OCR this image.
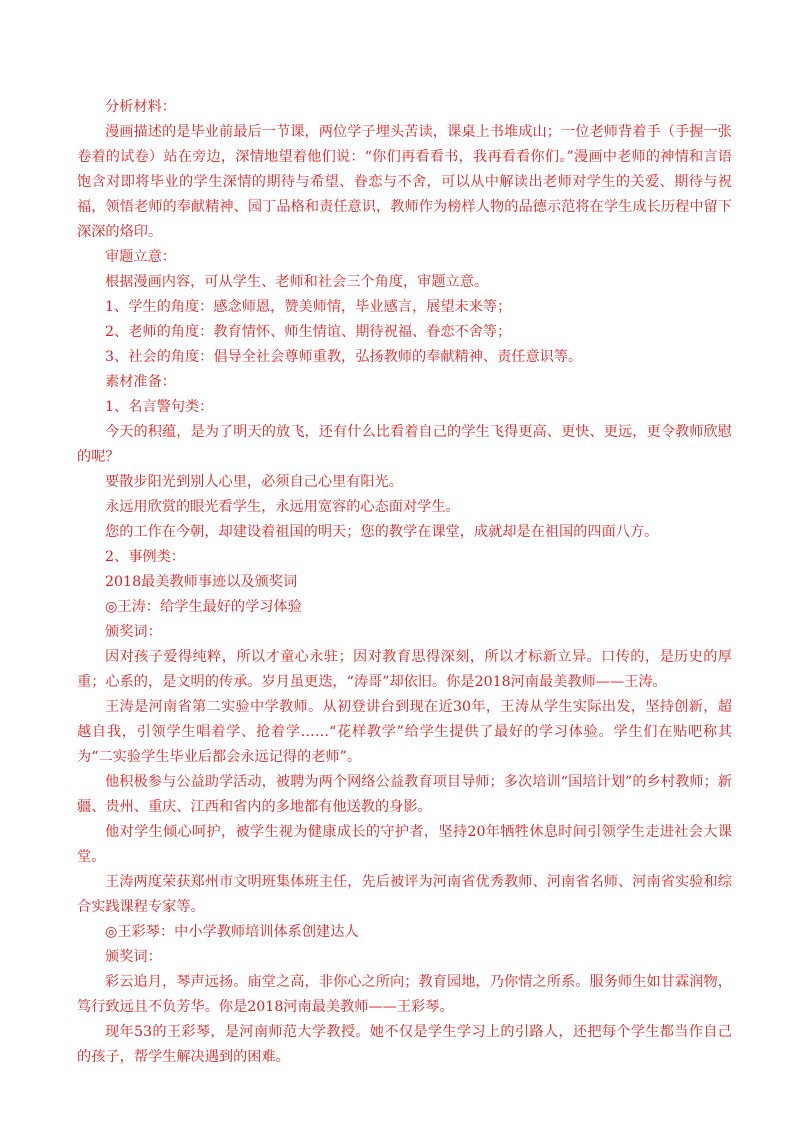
分析材料：

漫画描述的是毕业前最后一节课，两位学子埋头苦读，课桌上书堆成山；一位老师背着手（手握一张卷着的试卷）站在旁边，深情地望着他们说：“你们再看看书，我再看看你们。”漫画中老师的神情和言语饱含对即将毕业的学生深情的期待与希望、眷恋与不舍，可以从中解读出老师对学生的关爱、期待与祝福，领悟老师的奉献精神、园丁品格和责任意识，教师作为榜样人物的品德示范将在学生成长历程中留下深深的烙印。

审题立意：

根据漫画内容，可从学生、老师和社会三个角度，审题立意。

1、学生的角度：感念师恩，赞美师情，毕业感言，展望未来等；

2、老师的角度：教育情怀、师生情谊、期待祝福、眷恋不舍等；

3、社会的角度：倡导全社会尊师重教，弘扬教师的奉献精神、责任意识等。

素材准备：

1、名言警句类：

今天的积蕴，是为了明天的放飞，还有什么比看着自己的学生飞得更高、更快、更远，更令教师欣慰的呢？

要散步阳光到别人心里，必须自己心里有阳光。

永远用欣赏的眼光看学生，永远用宽容的心态面对学生。

您的工作在今朝，却建设着祖国的明天；您的教学在课堂，成就却是在祖国的四面八方。

2、事例类：

2018最美教师事迹以及颁奖词

◎王涛：给学生最好的学习体验

颁奖词：

因对孩子爱得纯粹，所以才童心永驻；因对教育思得深刻，所以才标新立异。口传的，是历史的厚重；心系的，是文明的传承。岁月虽更迭，“涛哥”却依旧。你是2018河南最美教师——王涛。

王涛是河南省第二实验中学教师。从初登讲台到现在近30年，王涛从学生实际出发，坚持创新，超越自我，引领学生唱着学、抢着学……“花样教学”给学生提供了最好的学习体验。学生们在贴吧称其为“二实验学生毕业后都会永远记得的老师”。

他积极参与公益助学活动，被聘为两个网络公益教育项目导师；多次培训“国培计划”的乡村教师；新疆、贵州、重庆、江西和省内的多地都有他送教的身影。

他对学生倾心呵护，被学生视为健康成长的守护者，坚持20年牺牲休息时间引领学生走进社会大课堂。

王涛两度荣获郑州市文明班集体班主任，先后被评为河南省优秀教师、河南省名师、河南省实验和综合实践课程专家等。

◎王彩琴：中小学教师培训体系创建达人

颁奖词：

彩云追月，琴声远扬。庙堂之高，非你心之所向；教育园地，乃你情之所系。服务师生如甘霖润物，笃行致远且不负芳华。你是2018河南最美教师——王彩琴。

现年53的王彩琴，是河南师范大学教授。她不仅是学生学习上的引路人，还把每个学生都当作自己的孩子，帮学生解决遇到的困难。
